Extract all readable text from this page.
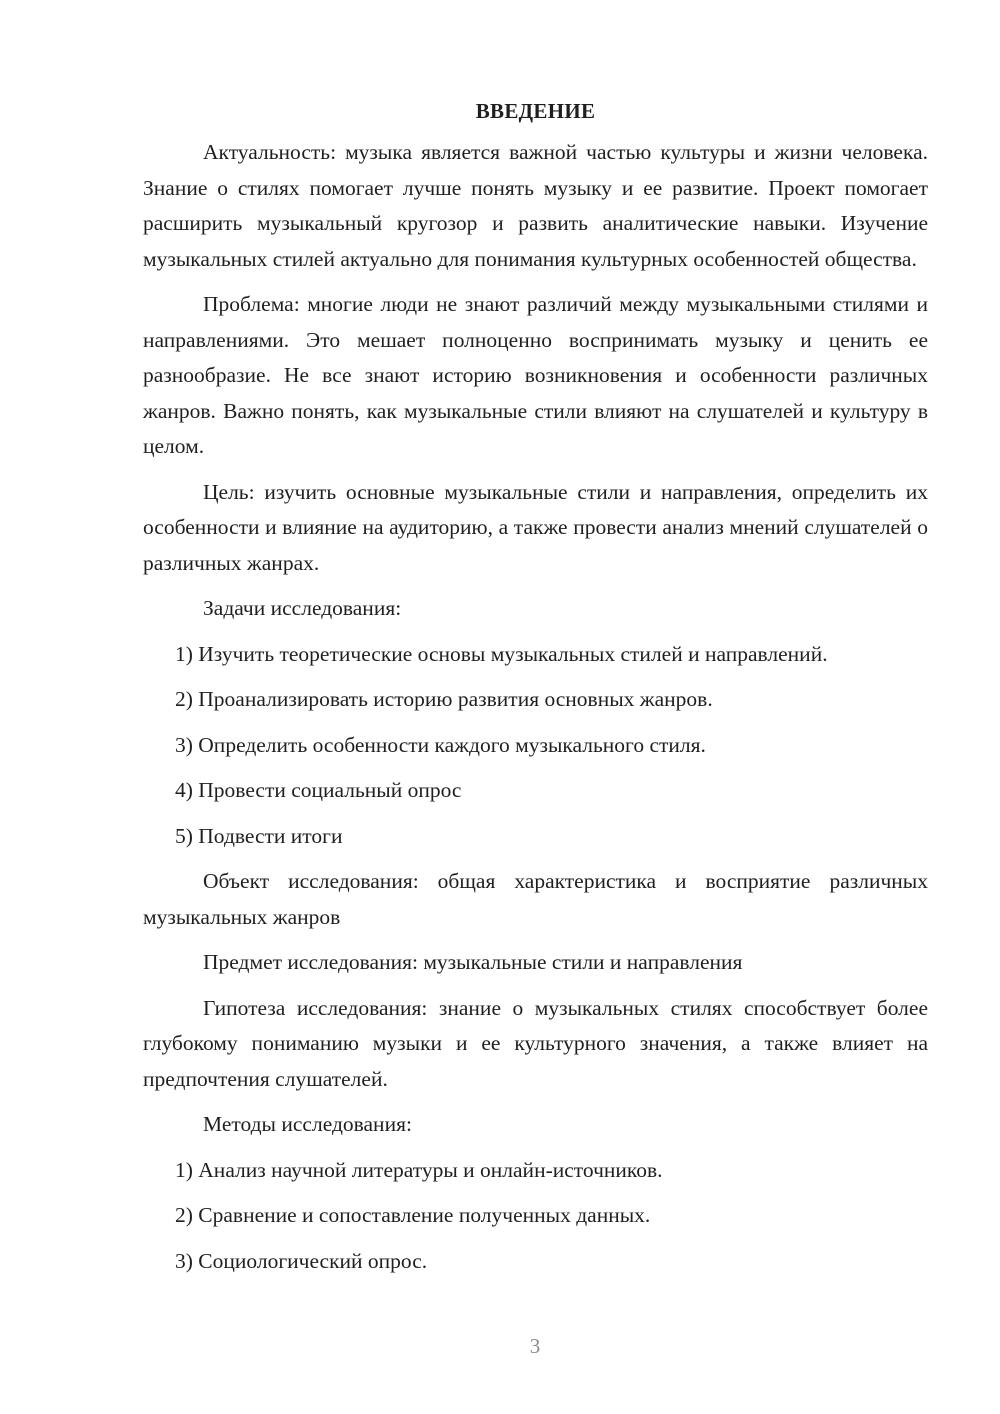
ВВЕДЕНИЕ

Актуальность: музыка является важной частью культуры и жизни человека. Знание о стилях помогает лучше понять музыку и ее развитие. Проект помогает расширить музыкальный кругозор и развить аналитические навыки. Изучение музыкальных стилей актуально для понимания культурных особенностей общества.

Проблема: многие люди не знают различий между музыкальными стилями и направлениями. Это мешает полноценно воспринимать музыку и ценить ее разнообразие. Не все знают историю возникновения и особенности различных жанров. Важно понять, как музыкальные стили влияют на слушателей и культуру в целом.

Цель: изучить основные музыкальные стили и направления, определить их особенности и влияние на аудиторию, а также провести анализ мнений слушателей о различных жанрах.

Задачи исследования:

1) Изучить теоретические основы музыкальных стилей и направлений.
2) Проанализировать историю развития основных жанров.
3) Определить особенности каждого музыкального стиля.
4) Провести социальный опрос
5) Подвести итоги

Объект исследования: общая характеристика и восприятие различных музыкальных жанров

Предмет исследования: музыкальные стили и направления

Гипотеза исследования: знание о музыкальных стилях способствует более глубокому пониманию музыки и ее культурного значения, а также влияет на предпочтения слушателей.

Методы исследования:

1) Анализ научной литературы и онлайн-источников.
2) Сравнение и сопоставление полученных данных.
3) Социологический опрос.
3
